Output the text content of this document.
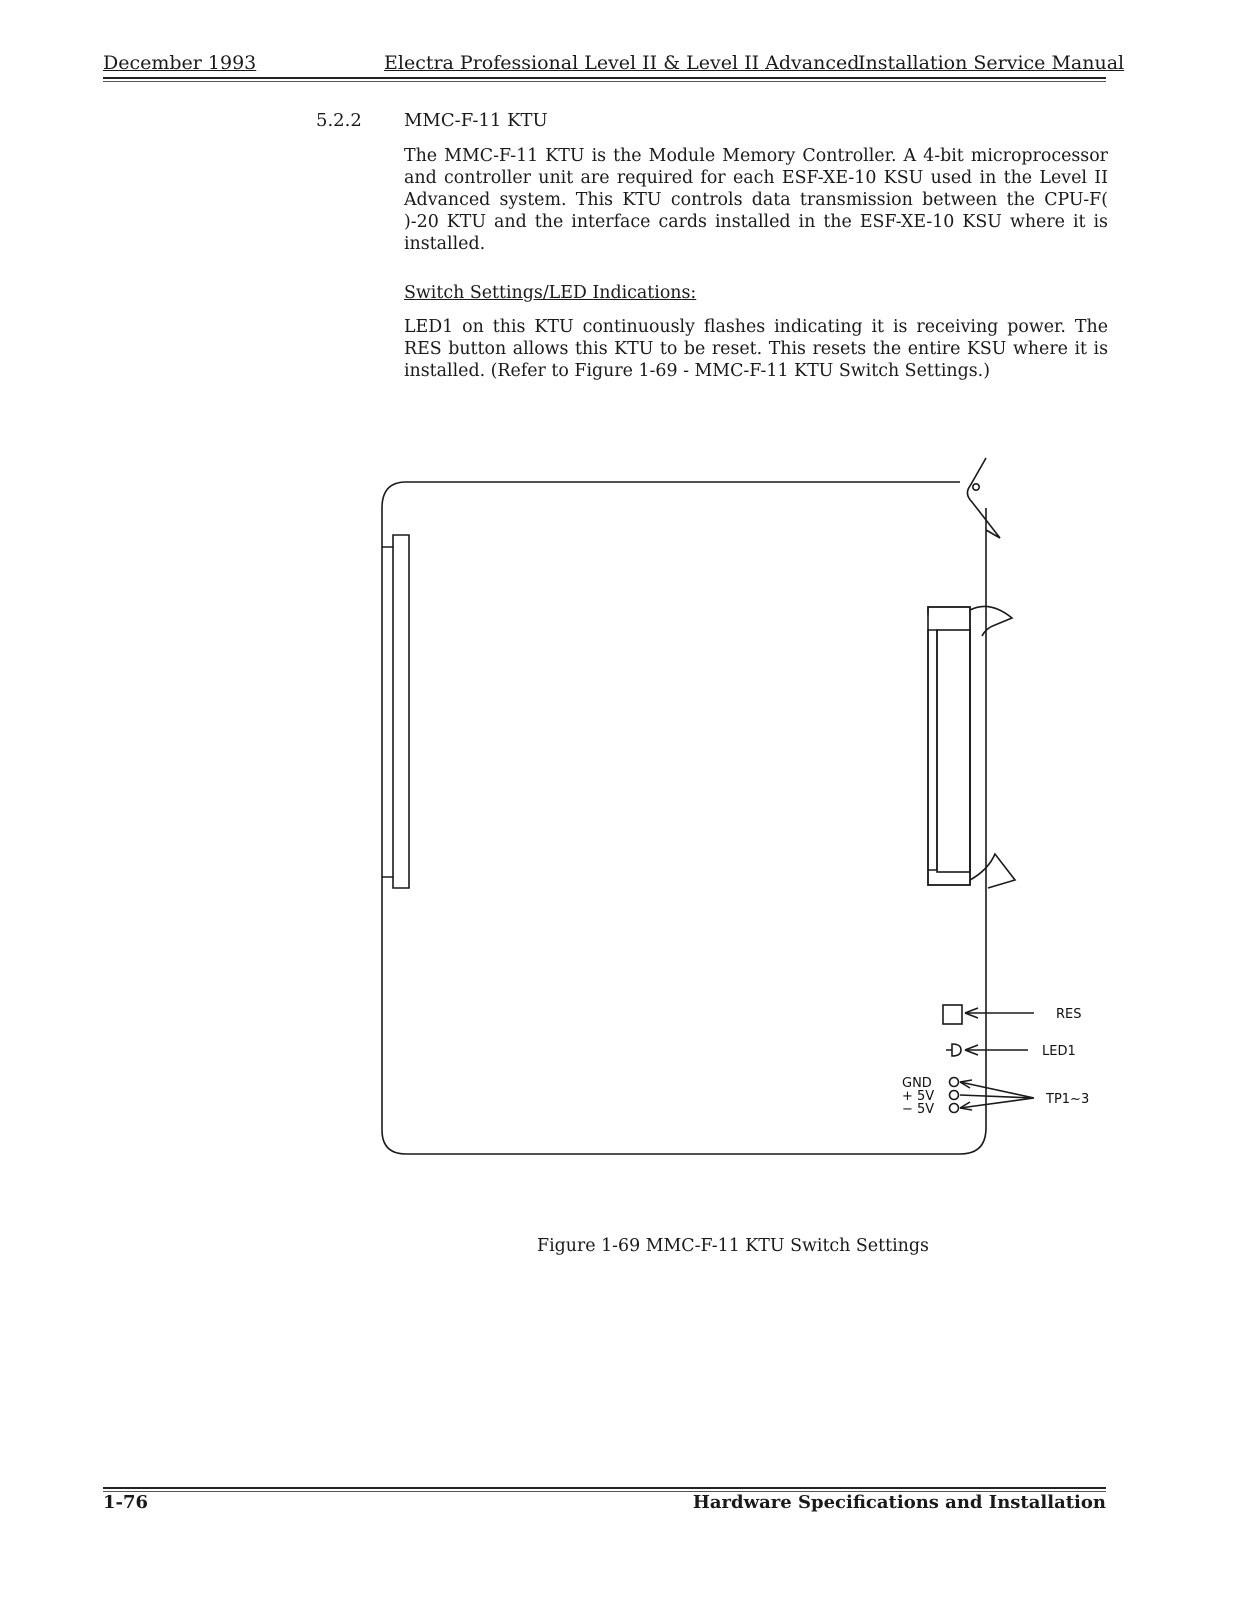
December 1993	Electra Professional Level II & Level II Advanced
Installation Service Manual
5.2.2 MMC-F-11 KTU

The MMC-F-11 KTU is the Module Memory Controller. A 4-bit microprocessor and controller unit are required for each ESF-XE-10 KSU used in the Level II Advanced system. This KTU controls data transmission between the CPU-F( )-20 KTU and the interface cards installed in the ESF-XE-10 KSU where it is installed.

Switch Settings/LED Indications:

LED1 on this KTU continuously flashes indicating it is receiving power. The RES button allows this KTU to be reset. This resets the entire KSU where it is installed. (Refer to Figure 1-69 - MMC-F-11 KTU Switch Settings.)

RES
LED1
TP1~3
GND
+ 5V
− 5V
Figure 1-69 MMC-F-11 KTU Switch Settings
1-76	Hardware Specifications and Installation
